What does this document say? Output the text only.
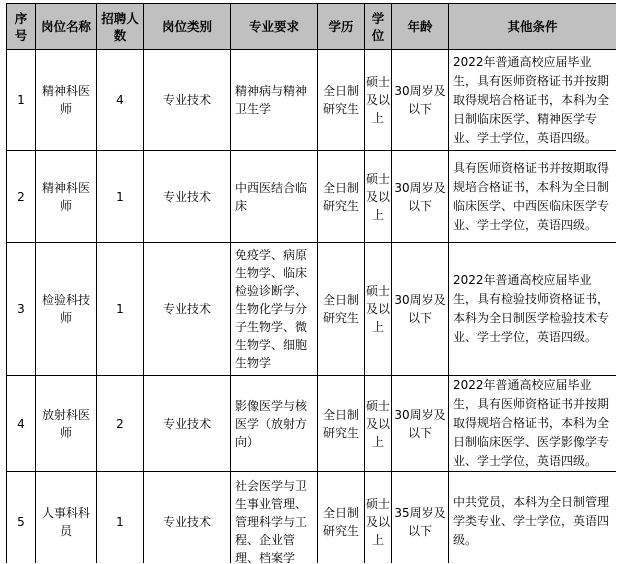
序号	岗位名称	招聘人数	岗位类别	专业要求	学历	学位	年龄	其他条件
1	精神科医师	4	专业技术	精神病与精神卫生学	全日制研究生	硕士及以上	30周岁及以下	2022年普通高校应届毕业生，具有医师资格证书并按期取得规培合格证书，本科为全日制临床医学、精神医学专业、学士学位，英语四级。
2	精神科医师	1	专业技术	中西医结合临床	全日制研究生	硕士及以上	30周岁及以下	具有医师资格证书并按期取得规培合格证书，本科为全日制临床医学、中西医临床医学专业、学士学位，英语四级。
3	检验科技师	1	专业技术	免疫学、病原生物学、临床检验诊断学、生物化学与分子生物学、微生物学、细胞生物学	全日制研究生	硕士及以上	30周岁及以下	2022年普通高校应届毕业生，具有检验技师资格证书，本科为全日制医学检验技术专业、学士学位，英语四级。
4	放射科医师	2	专业技术	影像医学与核医学（放射方向）	全日制研究生	硕士及以上	30周岁及以下	2022年普通高校应届毕业生，具有医师资格证书并按期取得规培合格证书，本科为全日制临床医学、医学影像学专业、学士学位，英语四级。
5	人事科科员	1	专业技术	社会医学与卫生事业管理、管理科学与工程、企业管理、档案学	全日制研究生	硕士及以上	35周岁及以下	中共党员，本科为全日制管理学类专业、学士学位，英语四级。
